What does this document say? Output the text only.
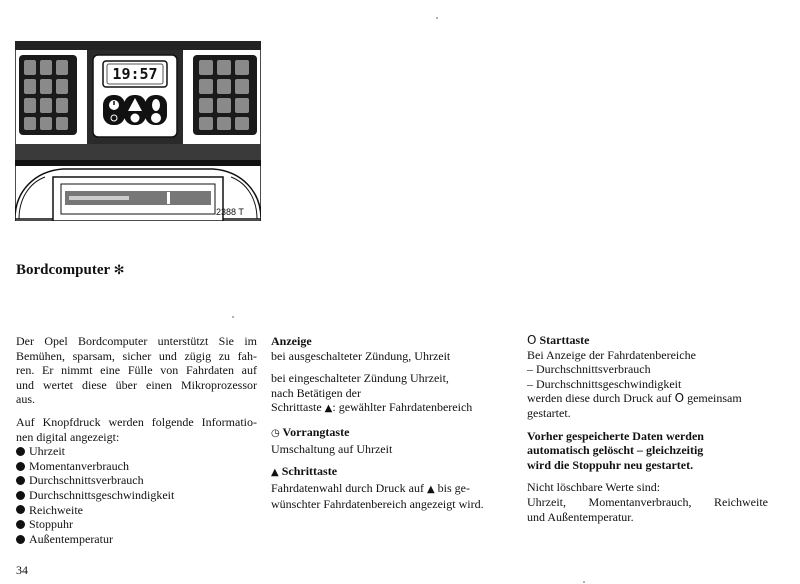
19:57
2388 T
Bordcomputer ✻

Der Opel Bordcomputer unterstützt Sie im
Bemühen, sparsam, sicher und zügig zu fah-
ren. Er nimmt eine Fülle von Fahrdaten auf
und wertet diese über einen Mikroprozessor
aus.

Auf Knopfdruck werden folgende Informatio-
nen digital angezeigt:

Uhrzeit
Momentanverbrauch
Durchschnittsverbrauch
Durchschnittsgeschwindigkeit
Reichweite
Stoppuhr
Außentemperatur

Anzeige
bei ausgeschalteter Zündung, Uhrzeit

bei eingeschalteter Zündung Uhrzeit,
nach Betätigen der
Schrittaste ▲: gewählter Fahrdatenbereich

◷ Vorrangtaste
Umschaltung auf Uhrzeit

▲ Schrittaste
Fahrdatenwahl durch Druck auf ▲ bis ge-
wünschter Fahrdatenbereich angezeigt wird.

O Starttaste
Bei Anzeige der Fahrdatenbereiche
– Durchschnittsverbrauch
– Durchschnittsgeschwindigkeit
werden diese durch Druck auf O gemeinsam
gestartet.

Vorher gespeicherte Daten werden
automatisch gelöscht – gleichzeitig
wird die Stoppuhr neu gestartet.

Nicht löschbare Werte sind:
Uhrzeit, Momentanverbrauch, Reichweite
und Außentemperatur.

34
